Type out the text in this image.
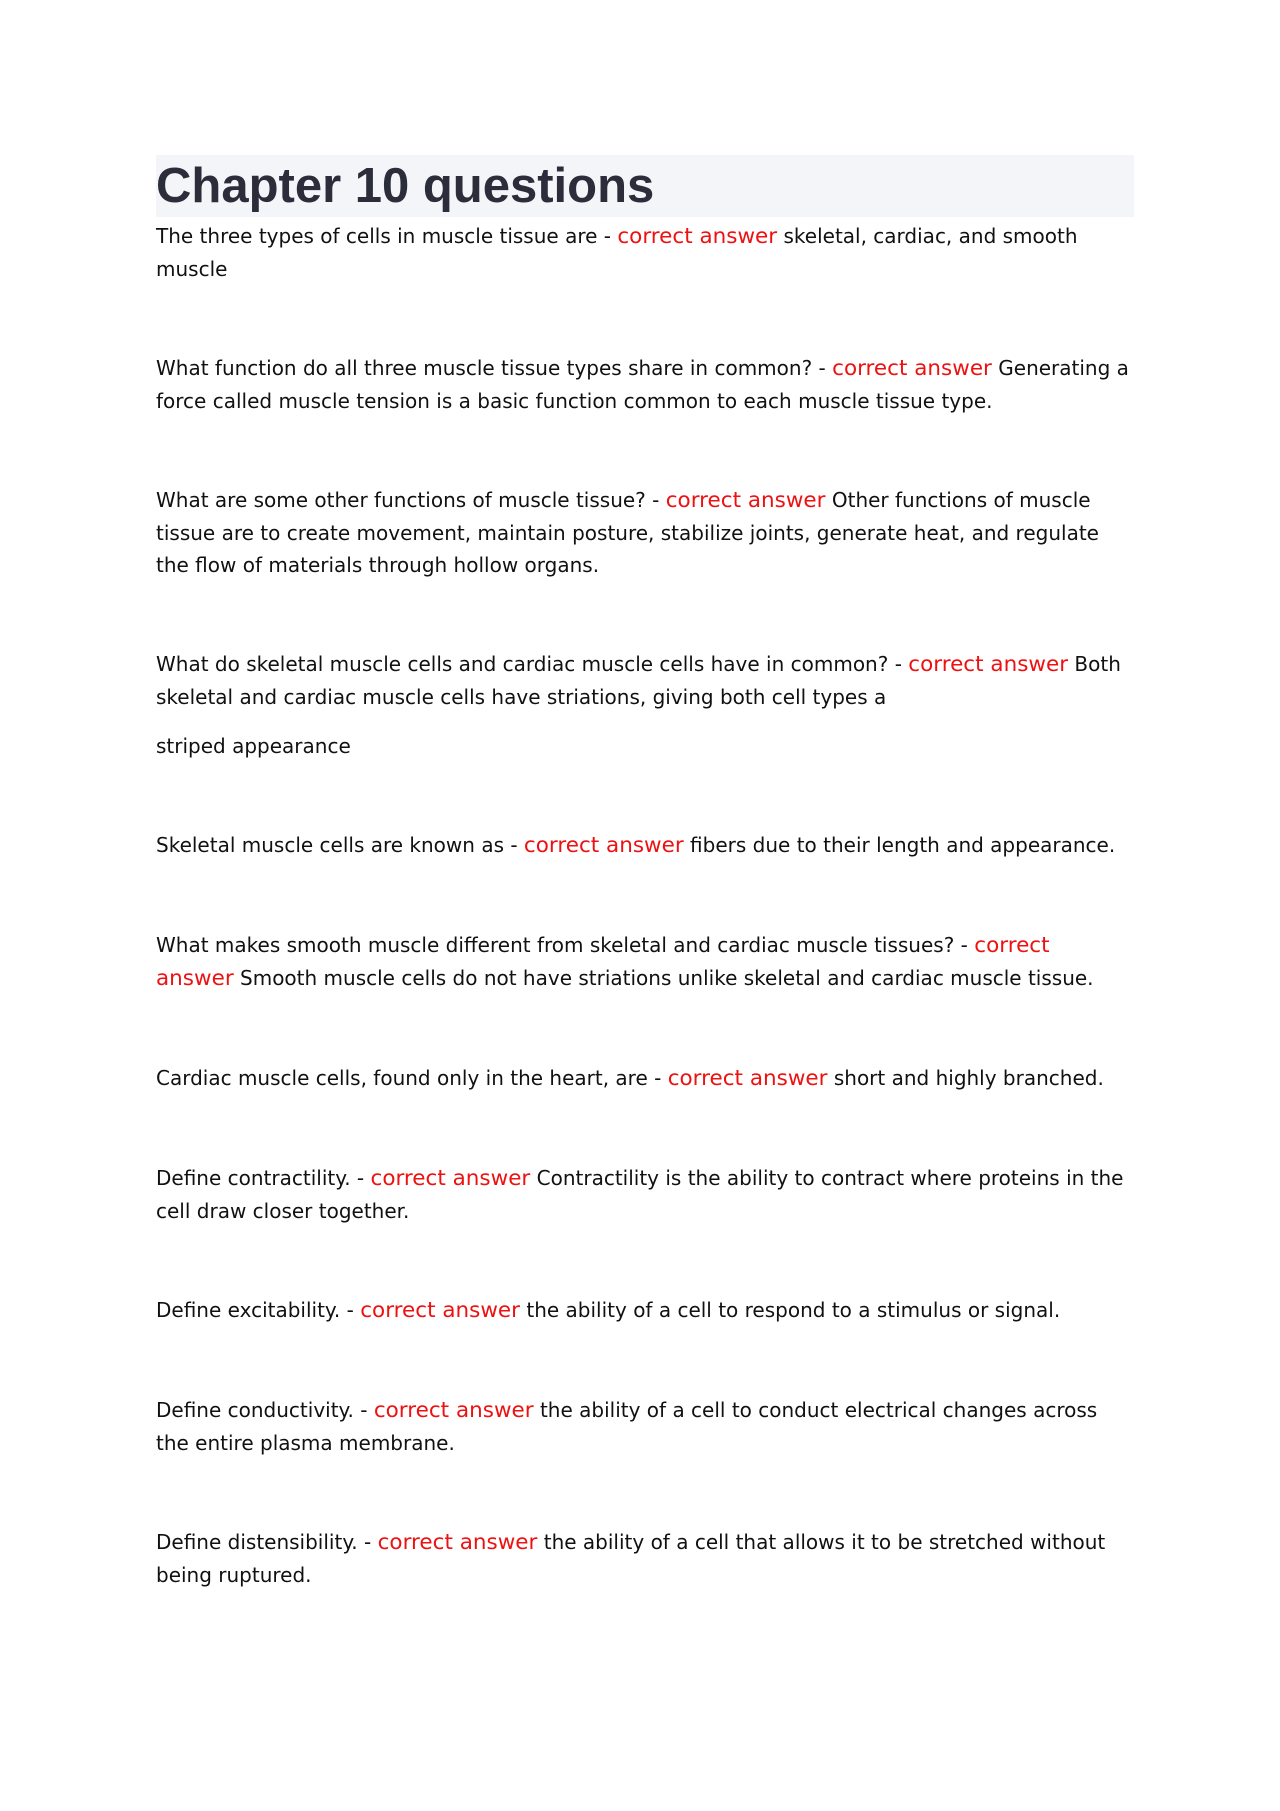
Chapter 10 questions

The three types of cells in muscle tissue are - correct answer skeletal, cardiac, and smooth muscle

What function do all three muscle tissue types share in common? - correct answer Generating a force called muscle tension is a basic function common to each muscle tissue type.

What are some other functions of muscle tissue? - correct answer Other functions of muscle tissue are to create movement, maintain posture, stabilize joints, generate heat, and regulate the flow of materials through hollow organs.

What do skeletal muscle cells and cardiac muscle cells have in common? - correct answer Both skeletal and cardiac muscle cells have striations, giving both cell types a

striped appearance

Skeletal muscle cells are known as - correct answer fibers due to their length and appearance.

What makes smooth muscle different from skeletal and cardiac muscle tissues? - correct answer Smooth muscle cells do not have striations unlike skeletal and cardiac muscle tissue.

Cardiac muscle cells, found only in the heart, are - correct answer short and highly branched.

Define contractility. - correct answer Contractility is the ability to contract where proteins in the cell draw closer together.

Define excitability. - correct answer the ability of a cell to respond to a stimulus or signal.

Define conductivity. - correct answer the ability of a cell to conduct electrical changes across the entire plasma membrane.

Define distensibility. - correct answer the ability of a cell that allows it to be stretched without being ruptured.
